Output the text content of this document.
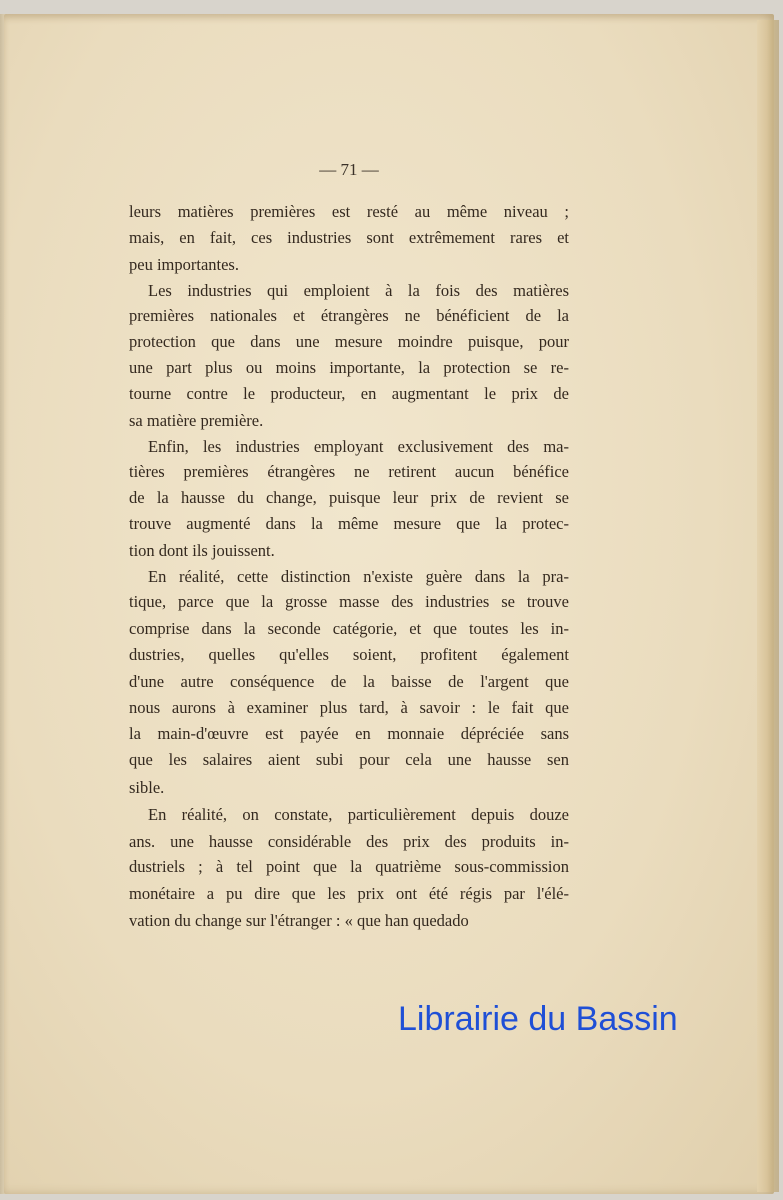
— 71 —
leurs matières premières est resté au même niveau ;
mais, en fait, ces industries sont extrêmement rares et
peu importantes.
Les industries qui emploient à la fois des matières
premières nationales et étrangères ne bénéficient de la
protection que dans une mesure moindre puisque, pour
une part plus ou moins importante, la protection se re-
tourne contre le producteur, en augmentant le prix de
sa matière première.
Enfin, les industries employant exclusivement des ma-
tières premières étrangères ne retirent aucun bénéfice
de la hausse du change, puisque leur prix de revient se
trouve augmenté dans la même mesure que la protec-
tion dont ils jouissent.
En réalité, cette distinction n'existe guère dans la pra-
tique, parce que la grosse masse des industries se trouve
comprise dans la seconde catégorie, et que toutes les in-
dustries, quelles qu'elles soient, profitent également
d'une autre conséquence de la baisse de l'argent que
nous aurons à examiner plus tard, à savoir : le fait que
la main-d'œuvre est payée en monnaie dépréciée sans
que les salaires aient subi pour cela une hausse sen
sible.
En réalité, on constate, particulièrement depuis douze
ans. une hausse considérable des prix des produits in-
dustriels ; à tel point que la quatrième sous-commission
monétaire a pu dire que les prix ont été régis par l'élé-
vation du change sur l'étranger : « que han quedado
Librairie du Bassin
